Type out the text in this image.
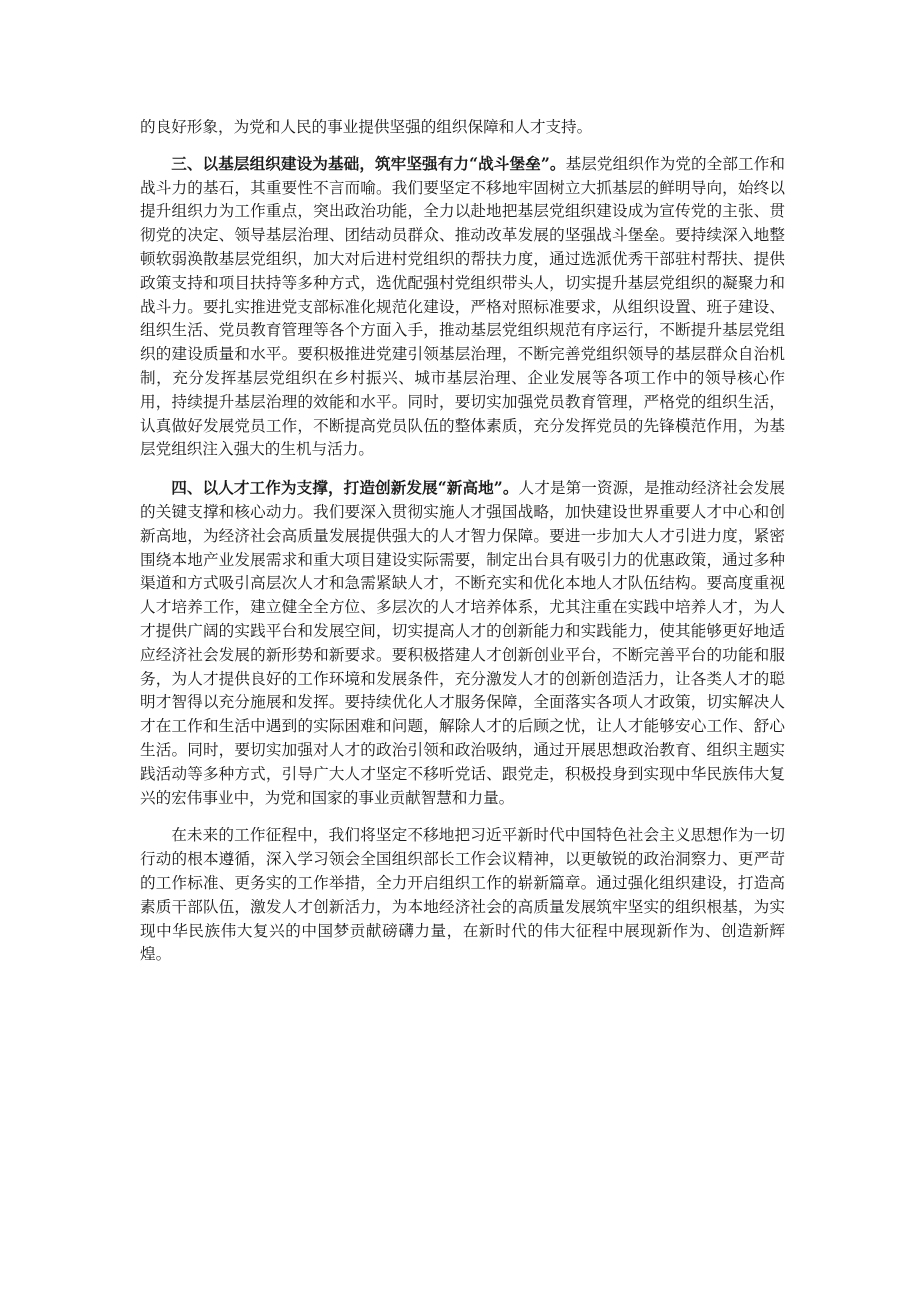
的良好形象，为党和人民的事业提供坚强的组织保障和人才支持。

三、以基层组织建设为基础，筑牢坚强有力“战斗堡垒”。基层党组织作为党的全部工作和战斗力的基石，其重要性不言而喻。我们要坚定不移地牢固树立大抓基层的鲜明导向，始终以提升组织力为工作重点，突出政治功能，全力以赴地把基层党组织建设成为宣传党的主张、贯彻党的决定、领导基层治理、团结动员群众、推动改革发展的坚强战斗堡垒。要持续深入地整顿软弱涣散基层党组织，加大对后进村党组织的帮扶力度，通过选派优秀干部驻村帮扶、提供政策支持和项目扶持等多种方式，选优配强村党组织带头人，切实提升基层党组织的凝聚力和战斗力。要扎实推进党支部标准化规范化建设，严格对照标准要求，从组织设置、班子建设、组织生活、党员教育管理等各个方面入手，推动基层党组织规范有序运行，不断提升基层党组织的建设质量和水平。要积极推进党建引领基层治理，不断完善党组织领导的基层群众自治机制，充分发挥基层党组织在乡村振兴、城市基层治理、企业发展等各项工作中的领导核心作用，持续提升基层治理的效能和水平。同时，要切实加强党员教育管理，严格党的组织生活，认真做好发展党员工作，不断提高党员队伍的整体素质，充分发挥党员的先锋模范作用，为基层党组织注入强大的生机与活力。

四、以人才工作为支撑，打造创新发展“新高地”。人才是第一资源，是推动经济社会发展的关键支撑和核心动力。我们要深入贯彻实施人才强国战略，加快建设世界重要人才中心和创新高地，为经济社会高质量发展提供强大的人才智力保障。要进一步加大人才引进力度，紧密围绕本地产业发展需求和重大项目建设实际需要，制定出台具有吸引力的优惠政策，通过多种渠道和方式吸引高层次人才和急需紧缺人才，不断充实和优化本地人才队伍结构。要高度重视人才培养工作，建立健全全方位、多层次的人才培养体系，尤其注重在实践中培养人才，为人才提供广阔的实践平台和发展空间，切实提高人才的创新能力和实践能力，使其能够更好地适应经济社会发展的新形势和新要求。要积极搭建人才创新创业平台，不断完善平台的功能和服务，为人才提供良好的工作环境和发展条件，充分激发人才的创新创造活力，让各类人才的聪明才智得以充分施展和发挥。要持续优化人才服务保障，全面落实各项人才政策，切实解决人才在工作和生活中遇到的实际困难和问题，解除人才的后顾之忧，让人才能够安心工作、舒心生活。同时，要切实加强对人才的政治引领和政治吸纳，通过开展思想政治教育、组织主题实践活动等多种方式，引导广大人才坚定不移听党话、跟党走，积极投身到实现中华民族伟大复兴的宏伟事业中，为党和国家的事业贡献智慧和力量。

在未来的工作征程中，我们将坚定不移地把习近平新时代中国特色社会主义思想作为一切行动的根本遵循，深入学习领会全国组织部长工作会议精神，以更敏锐的政治洞察力、更严苛的工作标准、更务实的工作举措，全力开启组织工作的崭新篇章。通过强化组织建设，打造高素质干部队伍，激发人才创新活力，为本地经济社会的高质量发展筑牢坚实的组织根基，为实现中华民族伟大复兴的中国梦贡献磅礴力量，在新时代的伟大征程中展现新作为、创造新辉煌。
